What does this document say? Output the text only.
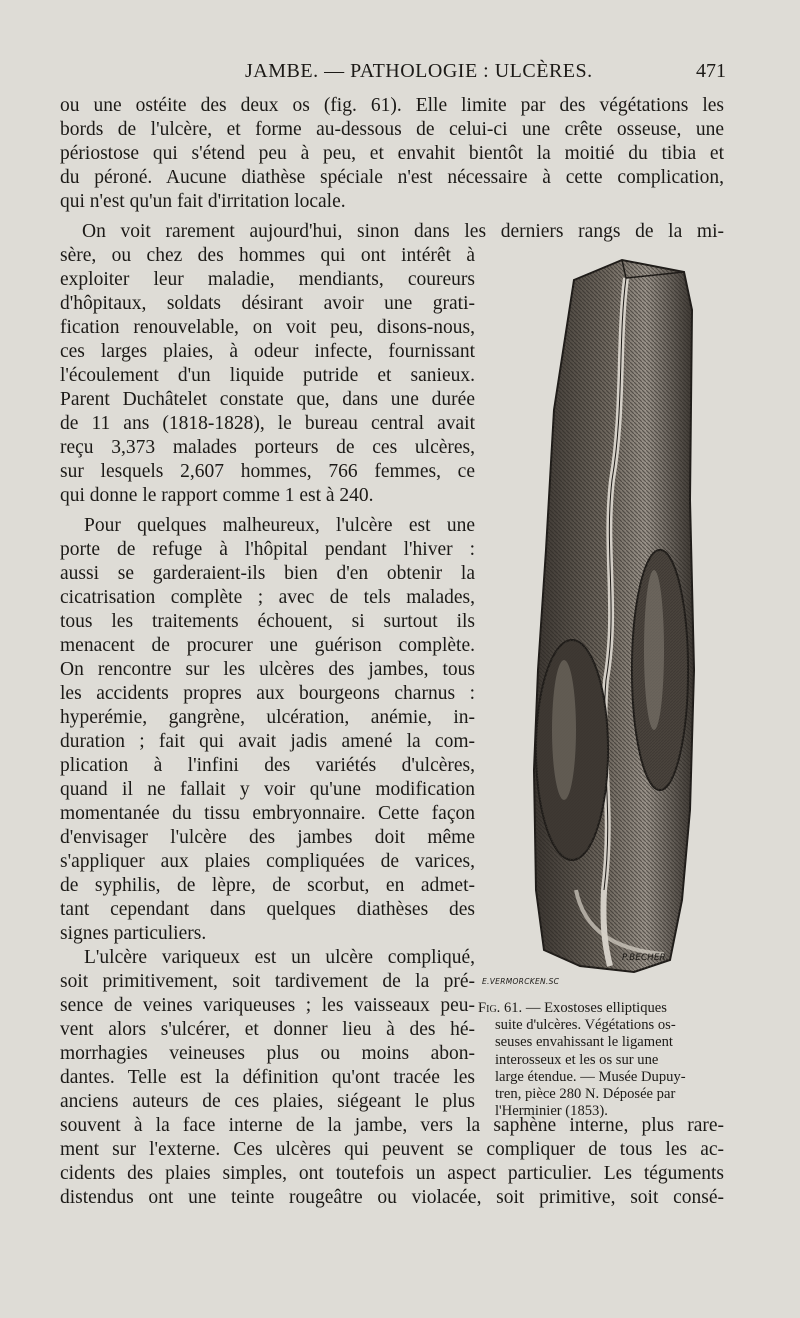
JAMBE. — PATHOLOGIE : ULCÈRES.	471
ou une ostéite des deux os (fig. 61). Elle limite par des végétations les
bords de l'ulcère, et forme au-dessous de celui-ci une crête osseuse, une
périostose qui s'étend peu à peu, et envahit bientôt la moitié du tibia et
du péroné. Aucune diathèse spéciale n'est nécessaire à cette complication,
qui n'est qu'un fait d'irritation locale.
On voit rarement aujourd'hui, sinon dans les derniers rangs de la mi-
sère, ou chez des hommes qui ont intérêt à
exploiter leur maladie, mendiants, coureurs
d'hôpitaux, soldats désirant avoir une grati-
fication renouvelable, on voit peu, disons-nous,
ces larges plaies, à odeur infecte, fournissant
l'écoulement d'un liquide putride et sanieux.
Parent Duchâtelet constate que, dans une durée
de 11 ans (1818-1828), le bureau central avait
reçu 3,373 malades porteurs de ces ulcères,
sur lesquels 2,607 hommes, 766 femmes, ce
qui donne le rapport comme 1 est à 240.
Pour quelques malheureux, l'ulcère est une
porte de refuge à l'hôpital pendant l'hiver :
aussi se garderaient-ils bien d'en obtenir la
cicatrisation complète ; avec de tels malades,
tous les traitements échouent, si surtout ils
menacent de procurer une guérison complète.
On rencontre sur les ulcères des jambes, tous
les accidents propres aux bourgeons charnus :
hyperémie, gangrène, ulcération, anémie, in-
duration ; fait qui avait jadis amené la com-
plication à l'infini des variétés d'ulcères,
quand il ne fallait y voir qu'une modification
momentanée du tissu embryonnaire. Cette façon
d'envisager l'ulcère des jambes doit même
s'appliquer aux plaies compliquées de varices,
de syphilis, de lèpre, de scorbut, en admet-
tant cependant dans quelques diathèses des
signes particuliers.
L'ulcère variqueux est un ulcère compliqué,
soit primitivement, soit tardivement de la pré-
sence de veines variqueuses ; les vaisseaux peu-
vent alors s'ulcérer, et donner lieu à des hé-
morrhagies veineuses plus ou moins abon-
dantes. Telle est la définition qu'ont tracée les
anciens auteurs de ces plaies, siégeant le plus
souvent à la face interne de la jambe, vers la saphène interne, plus rare-
ment sur l'externe. Ces ulcères qui peuvent se compliquer de tous les ac-
cidents des plaies simples, ont toutefois un aspect particulier. Les téguments
distendus ont une teinte rougeâtre ou violacée, soit primitive, soit consé-
E.VERMORCKEN.SC
P.BECHER.
Fig. 61. — Exostoses elliptiques
suite d'ulcères. Végétations os-
seuses envahissant le ligament
interosseux et les os sur une
large étendue. — Musée Dupuy-
tren, pièce 280 N. Déposée par
l'Herminier (1853).
